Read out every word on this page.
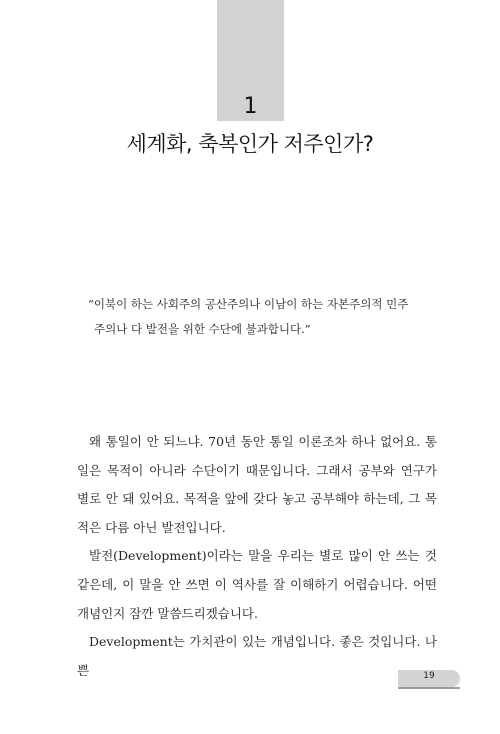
1
세계화, 축복인가 저주인가?
“이북이 하는 사회주의 공산주의나 이남이 하는 자본주의적 민주
주의나 다 발전을 위한 수단에 불과합니다.”

왜 통일이 안 되느냐. 70년 동안 통일 이론조차 하나 없어요. 통일은 목적이 아니라 수단이기 때문입니다. 그래서 공부와 연구가 별로 안 돼 있어요. 목적을 앞에 갖다 놓고 공부해야 하는데, 그 목적은 다름 아닌 발전입니다.

발전(Development)이라는 말을 우리는 별로 많이 안 쓰는 것 같은데, 이 말을 안 쓰면 이 역사를 잘 이해하기 어렵습니다. 어떤 개념인지 잠깐 말씀드리겠습니다.

Development는 가치관이 있는 개념입니다. 좋은 것입니다. 나쁜	19
